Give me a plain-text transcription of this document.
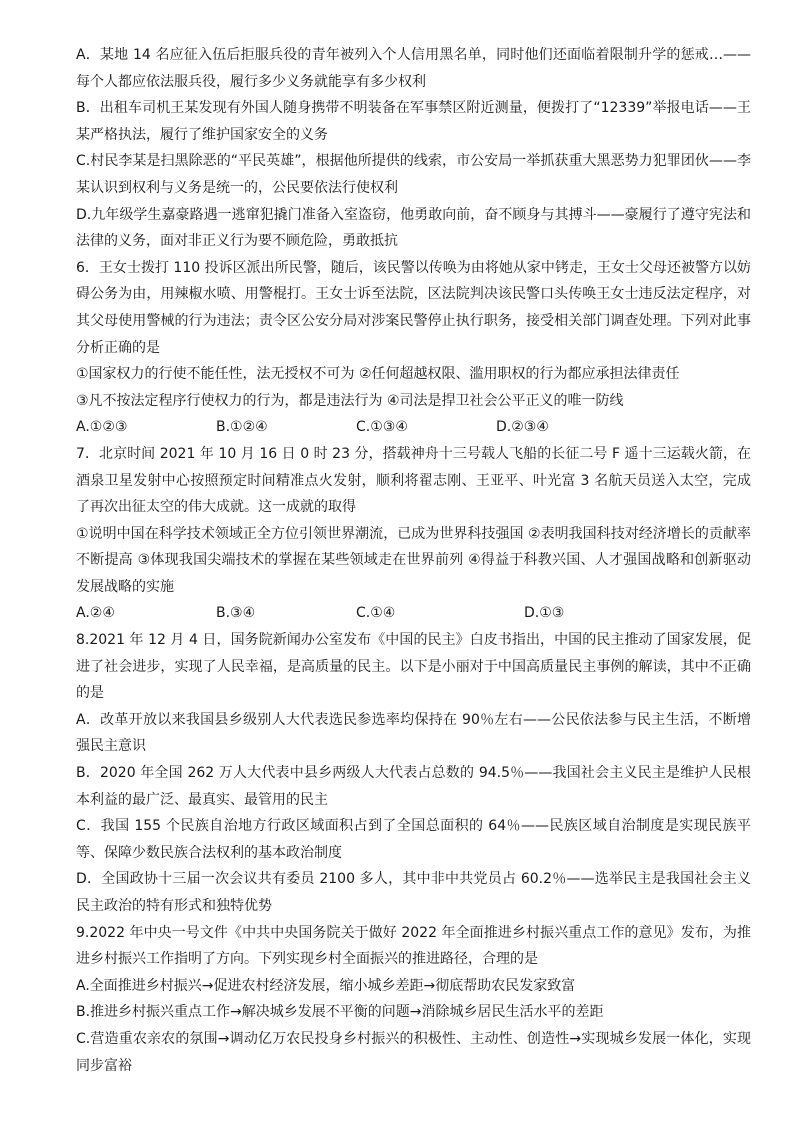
A．某地 14 名应征入伍后拒服兵役的青年被列入个人信用黑名单，同时他们还面临着限制升学的惩戒…——每个人都应依法服兵役，履行多少义务就能享有多少权利

B．出租车司机王某发现有外国人随身携带不明装备在军事禁区附近测量，便拨打了“12339”举报电话——王某严格执法，履行了维护国家安全的义务

C.村民李某是扫黑除恶的“平民英雄”，根据他所提供的线索，市公安局一举抓获重大黑恶势力犯罪团伙——李某认识到权利与义务是统一的，公民要依法行使权利

D.九年级学生嘉豪路遇一逃窜犯撬门准备入室盗窃，他勇敢向前，奋不顾身与其搏斗——豪履行了遵守宪法和法律的义务，面对非正义行为要不顾危险，勇敢抵抗

6．王女士拨打 110 投诉区派出所民警，随后，该民警以传唤为由将她从家中铐走，王女士父母还被警方以妨碍公务为由，用辣椒水喷、用警棍打。王女士诉至法院，区法院判决该民警口头传唤王女士违反法定程序，对其父母使用警械的行为违法；责令区公安分局对涉案民警停止执行职务，接受相关部门调查处理。下列对此事分析正确的是

①国家权力的行使不能任性，法无授权不可为 ②任何超越权限、滥用职权的行为都应承担法律责任

③凡不按法定程序行使权力的行为，都是违法行为 ④司法是捍卫社会公平正义的唯一防线

A.①②③	B.①②④	C.①③④	D.②③④

7．北京时间 2021 年 10 月 16 日 0 时 23 分，搭载神舟十三号载人飞船的长征二号 F 遥十三运载火箭，在酒泉卫星发射中心按照预定时间精准点火发射，顺利将翟志刚、王亚平、叶光富 3 名航天员送入太空，完成了再次出征太空的伟大成就。这一成就的取得

①说明中国在科学技术领域正全方位引领世界潮流，已成为世界科技强国 ②表明我国科技对经济增长的贡献率不断提高 ③体现我国尖端技术的掌握在某些领域走在世界前列 ④得益于科教兴国、人才强国战略和创新驱动发展战略的实施

A.②④	B.③④	C.①④	D.①③

8.2021 年 12 月 4 日，国务院新闻办公室发布《中国的民主》白皮书指出，中国的民主推动了国家发展，促进了社会进步，实现了人民幸福，是高质量的民主。以下是小丽对于中国高质量民主事例的解读，其中不正确的是

A．改革开放以来我国县乡级别人大代表选民参选率均保持在 90％左右——公民依法参与民主生活，不断增强民主意识

B．2020 年全国 262 万人大代表中县乡两级人大代表占总数的 94.5％——我国社会主义民主是维护人民根本利益的最广泛、最真实、最管用的民主

C．我国 155 个民族自治地方行政区域面积占到了全国总面积的 64％——民族区域自治制度是实现民族平等、保障少数民族合法权利的基本政治制度

D．全国政协十三届一次会议共有委员 2100 多人，其中非中共党员占 60.2％——选举民主是我国社会主义民主政治的特有形式和独特优势

9.2022 年中央一号文件《中共中央国务院关于做好 2022 年全面推进乡村振兴重点工作的意见》发布，为推进乡村振兴工作指明了方向。下列实现乡村全面振兴的推进路径，合理的是

A.全面推进乡村振兴→促进农村经济发展，缩小城乡差距→彻底帮助农民发家致富

B.推进乡村振兴重点工作→解决城乡发展不平衡的问题→消除城乡居民生活水平的差距

C.营造重农亲农的氛围→调动亿万农民投身乡村振兴的积极性、主动性、创造性→实现城乡发展一体化，实现同步富裕
